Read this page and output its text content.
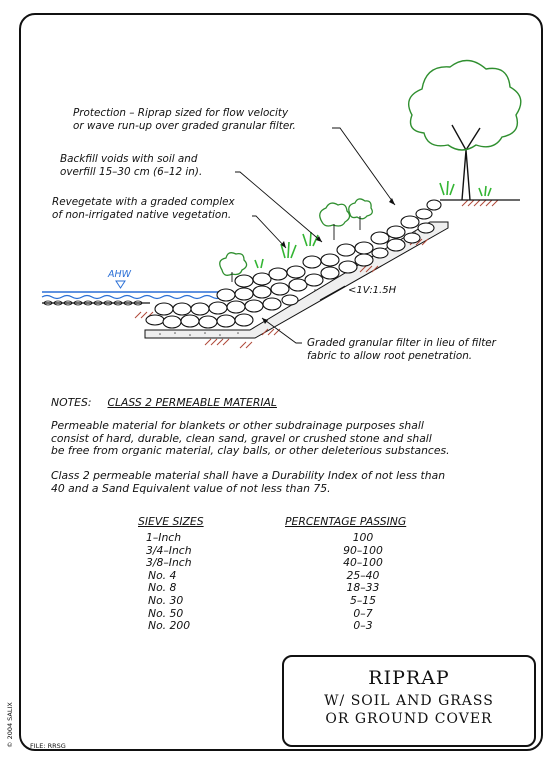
Protection – Riprap sized for flow velocity
or wave run-up over graded granular filter.
Backfill voids with soil and
overfill 15–30 cm (6–12 in).
Revegetate with a graded complex
of non-irrigated native vegetation.
Graded granular filter in lieu of filter
fabric to allow root penetration.
AHW
<1V:1.5H
NOTES: CLASS 2 PERMEABLE MATERIAL
Permeable material for blankets or other subdrainage purposes shall
consist of hard, durable, clean sand, gravel or crushed stone and shall
be free from organic material, clay balls, or other deleterious substances.
Class 2 permeable material shall have a Durability Index of not less than
40 and a Sand Equivalent value of not less than 75.
SIEVE SIZES	PERCENTAGE PASSING
1–Inch	100
3/4–Inch	90–100
3/8–Inch	40–100
No. 4	25–40
No. 8	18–33
No. 30	5–15
No. 50	0–7
No. 200	0–3
RIPRAP
W/ SOIL AND GRASS
OR GROUND COVER
© 2004 SALIX FILE: RRSG
